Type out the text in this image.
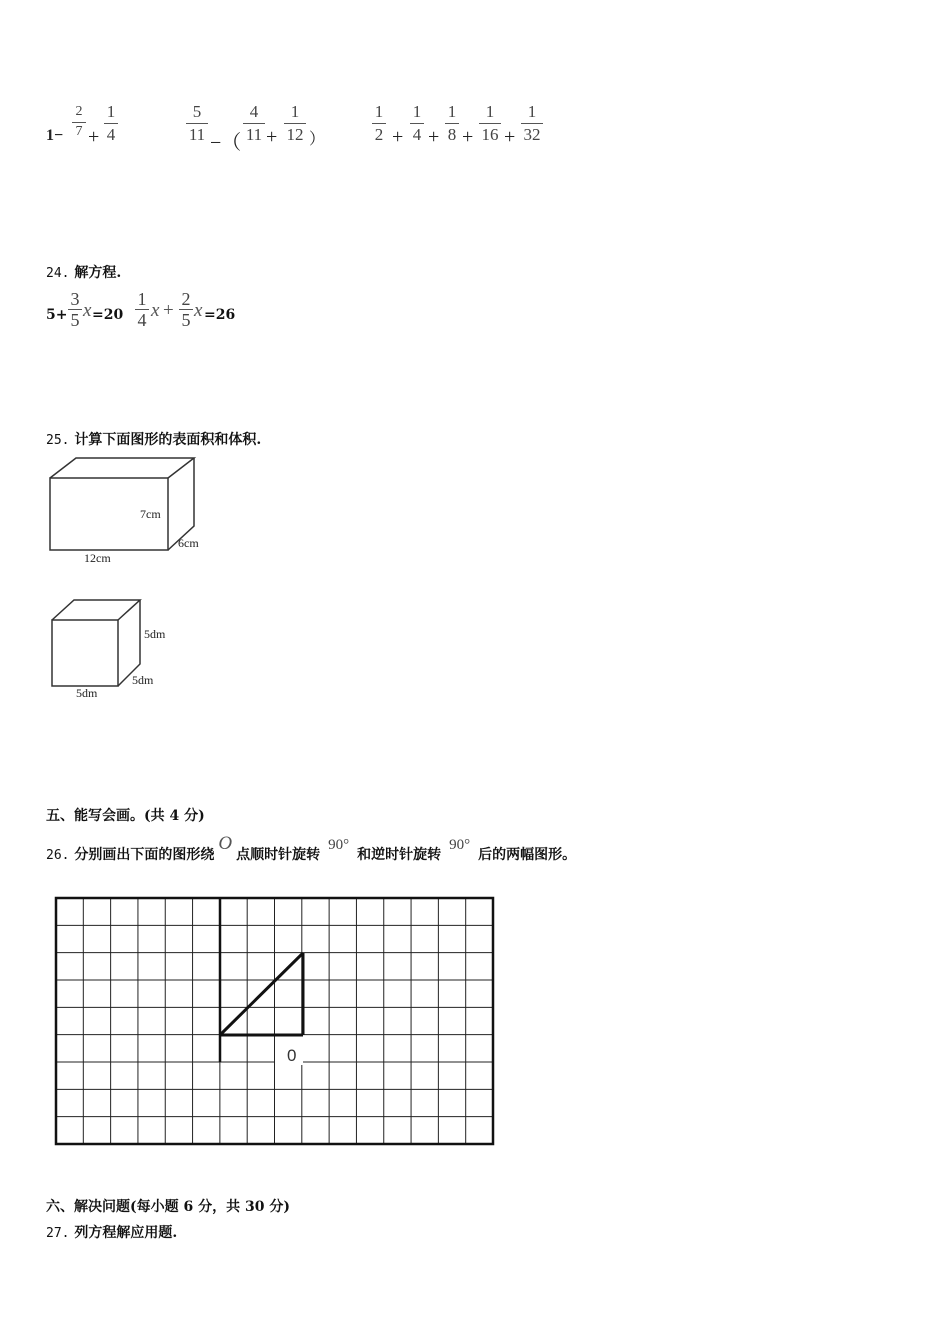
1−
2
7 +
1
4
5
11 −（
4
11 +
1
12 ）
1
2 +
1
4 +
1
8 +
1
16 +
1
32
24. 解方程.
5+
3
5 x =20
1
4 x +
2
5 x =26
25. 计算下面图形的表面积和体积.
7cm
6cm
12cm
5dm
5dm
5dm
五、能写会画。(共 4 分)
26. 分别画出下面的图形绕O点顺时针旋转90°和逆时针旋转90°后的两幅图形。
0
六、解决问题(每小题 6 分，共 30 分)
27. 列方程解应用题.
